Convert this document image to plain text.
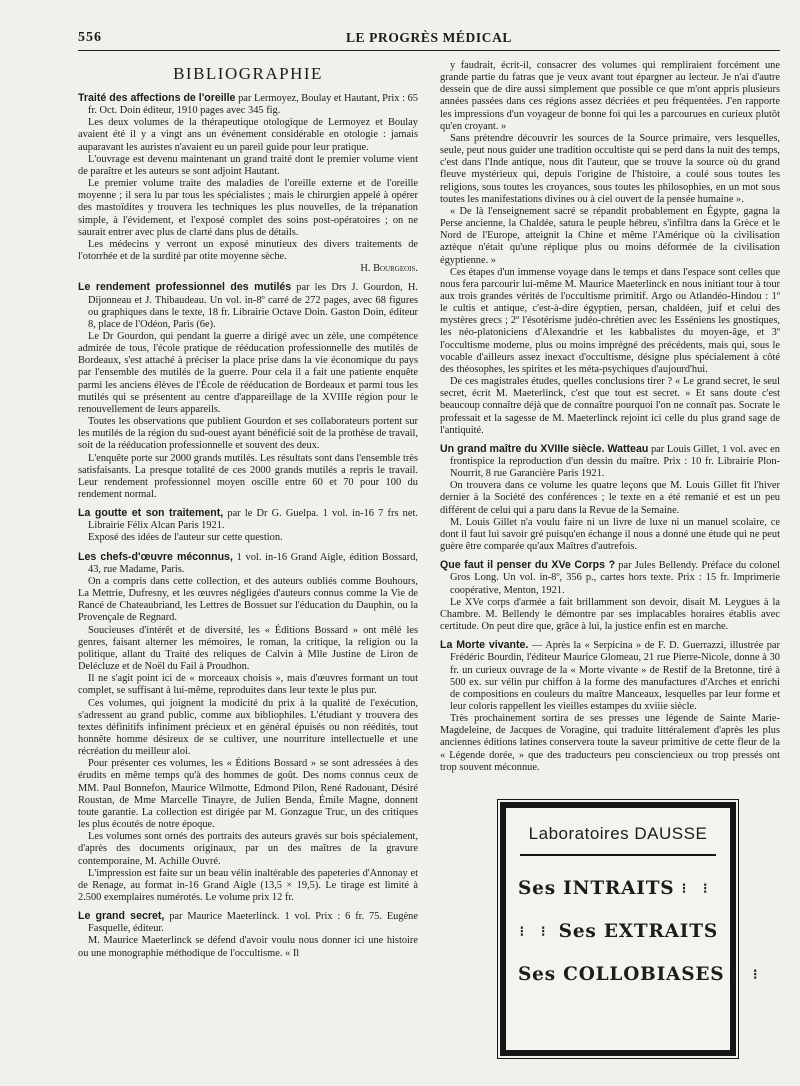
556	LE PROGRÈS MÉDICAL
BIBLIOGRAPHIE

Traité des affections de l'oreille par Lermoyez, Boulay et Hautant, Prix : 65 fr. Oct. Doin éditeur, 1910 pages avec 345 fig.

Les deux volumes de la thérapeutique otologique de Lermoyez et Boulay avaient été il y a vingt ans un événement considérable en otologie : jamais auparavant les auristes n'avaient eu un pareil guide pour leur pratique.

L'ouvrage est devenu maintenant un grand traité dont le premier volume vient de paraître et les auteurs se sont adjoint Hautant.

Le premier volume traite des maladies de l'oreille externe et de l'oreille moyenne ; il sera lu par tous les spécialistes ; mais le chirurgien appelé à opérer des mastoïdites y trouvera les techniques les plus nouvelles, de la trépanation simple, à l'évidement, et l'exposé complet des soins post-opératoires ; on ne saurait entrer avec plus de clarté dans plus de détails.

Les médecins y verront un exposé minutieux des divers traitements de l'otorrhée et de la surdité par otite moyenne sèche.

H. Bourgeois.

Le rendement professionnel des mutilés par les Drs J. Gourdon, H. Dijonneau et J. Thibaudeau. Un vol. in-8º carré de 272 pages, avec 68 figures ou graphiques dans le texte, 18 fr. Librairie Octave Doin. Gaston Doin, éditeur 8, place de l'Odéon, Paris (6e).

Le Dr Gourdon, qui pendant la guerre a dirigé avec un zèle, une compétence admirée de tous, l'école pratique de rééducation professionnelle des mutilés de Bordeaux, s'est attaché à préciser la place prise dans la vie économique du pays par l'ensemble des mutilés de la guerre. Pour cela il a fait une patiente enquête parmi les anciens élèves de l'École de rééducation de Bordeaux et parmi tous les mutilés qui se présentent au centre d'appareillage de la XVIIIe région pour le renouvellement de leurs appareils.

Toutes les observations que publient Gourdon et ses collaborateurs portent sur les mutilés de la région du sud-ouest ayant bénéficié soit de la prothèse de travail, soit de la rééducation professionnelle et souvent des deux.

L'enquête porte sur 2000 grands mutilés. Les résultats sont dans l'ensemble très satisfaisants. La presque totalité de ces 2000 grands mutilés a repris le travail. Leur rendement professionnel moyen oscille entre 60 et 70 pour 100 du rendement normal.

La goutte et son traitement, par le Dr G. Guelpa. 1 vol. in-16 7 frs net. Librairie Félix Alcan Paris 1921.

Exposé des idées de l'auteur sur cette question.

Les chefs-d'œuvre méconnus, 1 vol. in-16 Grand Aigle, édition Bossard, 43, rue Madame, Paris.

On a compris dans cette collection, et des auteurs oubliés comme Bouhours, La Mettrie, Dufresny, et les œuvres négligées d'auteurs connus comme la Vie de Rancé de Chateaubriand, les Lettres de Bossuet sur l'éducation du Dauphin, ou la Provençale de Regnard.

Soucieuses d'intérêt et de diversité, les « Éditions Bossard » ont mêlé les genres, faisant alterner les mémoires, le roman, la critique, la religion ou la politique, allant du Traité des reliques de Calvin à Mlle Justine de Liron de Delécluze et de Noël du Fail à Proudhon.

Il ne s'agit point ici de « morceaux choisis », mais d'œuvres formant un tout complet, se suffisant à lui-même, reproduites dans leur texte le plus pur.

Ces volumes, qui joignent la modicité du prix à la qualité de l'exécution, s'adressent au grand public, comme aux bibliophiles. L'étudiant y trouvera des textes définitifs infiniment précieux et en général épuisés ou non réédités, tout honnête homme désireux de se cultiver, une nourriture intellectuelle et une récréation du meilleur aloi.

Pour présenter ces volumes, les « Éditions Bossard » se sont adressées à des érudits en même temps qu'à des hommes de goût. Des noms connus ceux de MM. Paul Bonnefon, Maurice Wilmotte, Edmond Pilon, René Radouant, Désiré Roustan, de Mme Marcelle Tinayre, de Julien Benda, Émile Magne, donnent toute garantie. La collection est dirigée par M. Gonzague Truc, un des critiques les plus écoutés de notre époque.

Les volumes sont ornés des portraits des auteurs gravés sur bois spécialement, d'après des documents originaux, par un des maîtres de la gravure contemporaine, M. Achille Ouvré.

L'impression est faite sur un beau vélin inaltérable des papeteries d'Annonay et de Renage, au format in-16 Grand Aigle (13,5 × 19,5). Le tirage est limité à 2.500 exemplaires numérotés. Le volume prix 12 fr.

Le grand secret, par Maurice Maeterlinck. 1 vol. Prix : 6 fr. 75. Eugène Fasquelle, éditeur.

M. Maurice Maeterlinck se défend d'avoir voulu nous donner ici une histoire ou une monographie méthodique de l'occultisme. « Il

y faudrait, écrit-il, consacrer des volumes qui rempliraient forcément une grande partie du fatras que je veux avant tout épargner au lecteur. Je n'ai d'autre dessein que de dire aussi simplement que possible ce que m'ont appris plusieurs années passées dans ces régions assez décriées et peu fréquentées. J'en rapporte les impressions d'un voyageur de bonne foi qui les a parcourues en curieux plutôt qu'en croyant. »

Sans prétendre découvrir les sources de la Source primaire, vers lesquelles, seule, peut nous guider une tradition occultiste qui se perd dans la nuit des temps, c'est dans l'Inde antique, nous dit l'auteur, que se trouve la source où du grand fleuve mystérieux qui, depuis l'origine de l'histoire, a coulé sous toutes les religions, sous toutes les croyances, sous toutes les philosophies, en un mot sous toutes les manifestations divines ou à ciel ouvert de la pensée humaine ».

« De là l'enseignement sacré se répandit probablement en Égypte, gagna la Perse ancienne, la Chaldée, satura le peuple hébreu, s'infiltra dans la Grèce et le Nord de l'Europe, atteignit la Chine et même l'Amérique où la civilisation aztèque n'était qu'une réplique plus ou moins déformée de la civilisation égyptienne. »

Ces étapes d'un immense voyage dans le temps et dans l'espace sont celles que nous fera parcourir lui-même M. Maurice Maeterlinck en nous initiant tour à tour aux trois grandes vérités de l'occultisme primitif. Argo ou Atlandéo-Hindou : 1º le cultis et antique, c'est-à-dire égyptien, persan, chaldéen, juif et celui des mystères grecs ; 2º l'ésotérisme judéo-chrétien avec les Esséniens les gnostiques, les néo-platoniciens d'Alexandrie et les kabbalistes du moyen-âge, et 3º l'occultisme moderne, plus ou moins imprégné des précédents, mais qui, sous le vocable d'ailleurs assez inexact d'occultisme, désigne plus spécialement à côté des théosophes, les spirites et les méta-psychiques d'aujourd'hui.

De ces magistrales études, quelles conclusions tirer ? « Le grand secret, le seul secret, écrit M. Maeterlinck, c'est que tout est secret. » Et sans doute c'est beaucoup connaître déjà que de connaître pourquoi l'on ne connaît pas. Socrate le professait et la sagesse de M. Maeterlinck rejoint ici celle du plus grand sage de l'antiquité.

Un grand maître du XVIIIe siècle. Watteau par Louis Gillet, 1 vol. avec en frontispice la reproduction d'un dessin du maître. Prix : 10 fr. Librairie Plon-Nourrit, 8 rue Garancière Paris 1921.

On trouvera dans ce volume les quatre leçons que M. Louis Gillet fit l'hiver dernier à la Société des conférences ; le texte en a été remanié et est un peu différent de celui qui a paru dans la Revue de la Semaine.

M. Louis Gillet n'a voulu faire ni un livre de luxe ni un manuel scolaire, ce dont il faut lui savoir gré puisqu'en échange il nous a donné une étude qui ne peut guère être comparée qu'aux Maîtres d'autrefois.

Que faut il penser du XVe Corps ? par Jules Bellendy. Préface du colonel Gros Long. Un vol. in-8º, 356 p., cartes hors texte. Prix : 15 fr. Imprimerie coopérative, Menton, 1921.

Le XVe corps d'armée a fait brillamment son devoir, disait M. Leygues à la Chambre. M. Bellendy le démontre par ses implacables horaires établis avec certitude. On peut dire que, grâce à lui, la justice enfin est en marche.

La Morte vivante. — Après la « Serpicina » de F. D. Guerrazzi, illustrée par Frédéric Bourdin, l'éditeur Maurice Glomeau, 21 rue Pierre-Nicole, donne à 30 fr. un curieux ouvrage de la « Morte vivante » de Restif de la Bretonne, tiré à 500 ex. sur vélin pur chiffon à la forme des manufactures d'Arches et enrichi de compositions en couleurs du maître Manceaux, lesquelles par leur forme et leur coloris rappellent les vieilles estampes du xviiie siècle.

Très prochainement sortira de ses presses une légende de Sainte Marie-Magdeleine, de Jacques de Voragine, qui traduite littéralement d'après les plus anciennes éditions latines conservera toute la saveur primitive de cette fleur de la « Légende dorée, » que des traducteurs peu consciencieux ou trop pressés ont trop souvent méconnue.

Laboratoires DAUSSE
Ses INTRAITS ⁝ ⁝
⁝ ⁝ Ses EXTRAITS
Ses COLLOBIASES ⁝ ⁝
